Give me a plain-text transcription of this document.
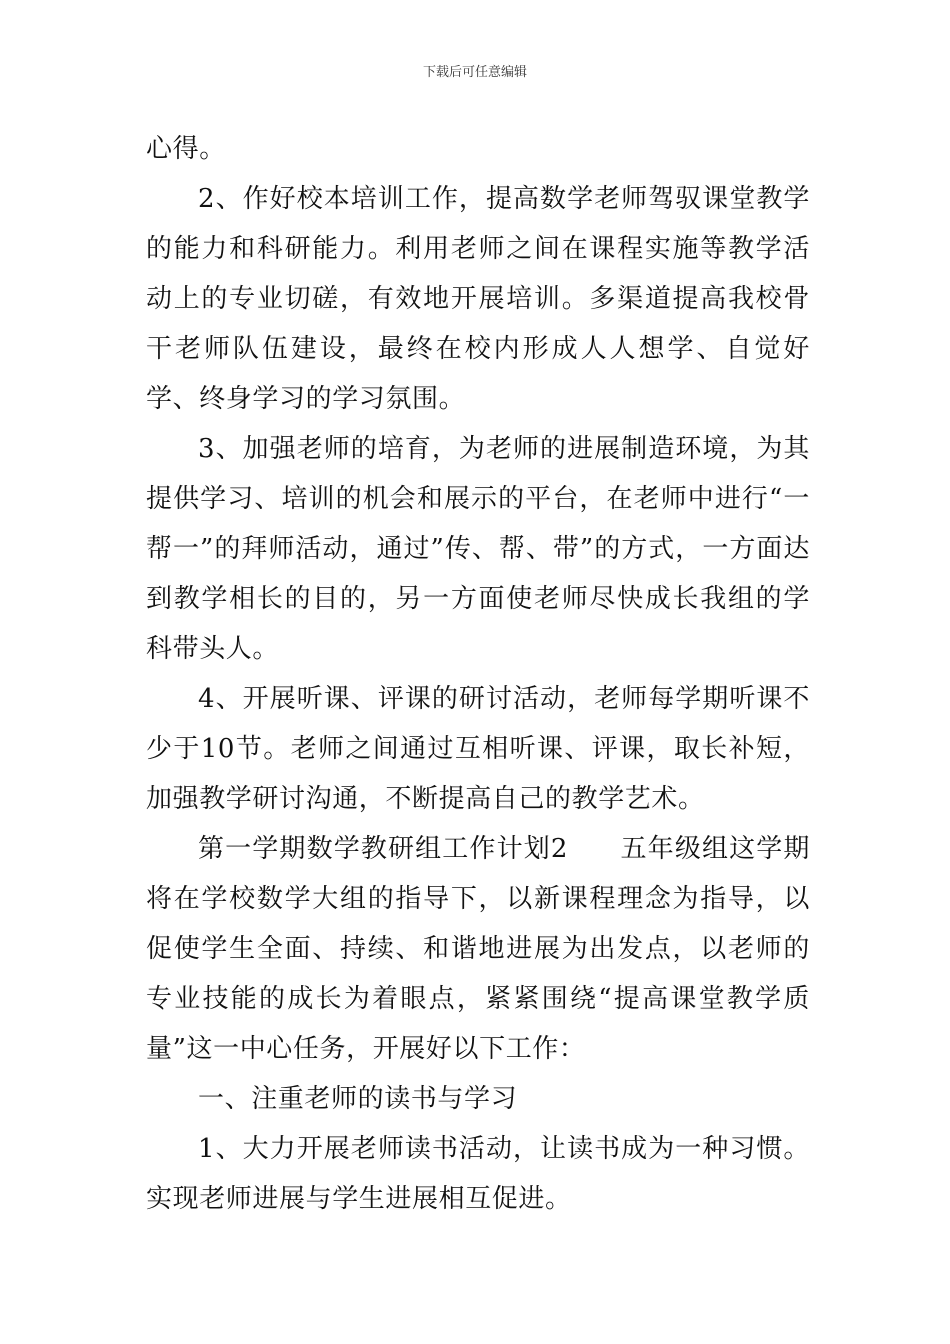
下载后可任意编辑

心得。

2、作好校本培训工作，提高数学老师驾驭课堂教学的能力和科研能力。利用老师之间在课程实施等教学活动上的专业切磋，有效地开展培训。多渠道提高我校骨干老师队伍建设，最终在校内形成人人想学、自觉好学、终身学习的学习氛围。

3、加强老师的培育，为老师的进展制造环境，为其提供学习、培训的机会和展示的平台，在老师中进行“一帮一”的拜师活动，通过”传、帮、带”的方式，一方面达到教学相长的目的，另一方面使老师尽快成长我组的学科带头人。

4、开展听课、评课的研讨活动，老师每学期听课不少于10节。老师之间通过互相听课、评课，取长补短，加强教学研讨沟通，不断提高自己的教学艺术。

第一学期数学教研组工作计划2 五年级组这学期将在学校数学大组的指导下，以新课程理念为指导，以促使学生全面、持续、和谐地进展为出发点，以老师的专业技能的成长为着眼点，紧紧围绕“提高课堂教学质量”这一中心任务，开展好以下工作：

一、注重老师的读书与学习

1、大力开展老师读书活动，让读书成为一种习惯。实现老师进展与学生进展相互促进。
